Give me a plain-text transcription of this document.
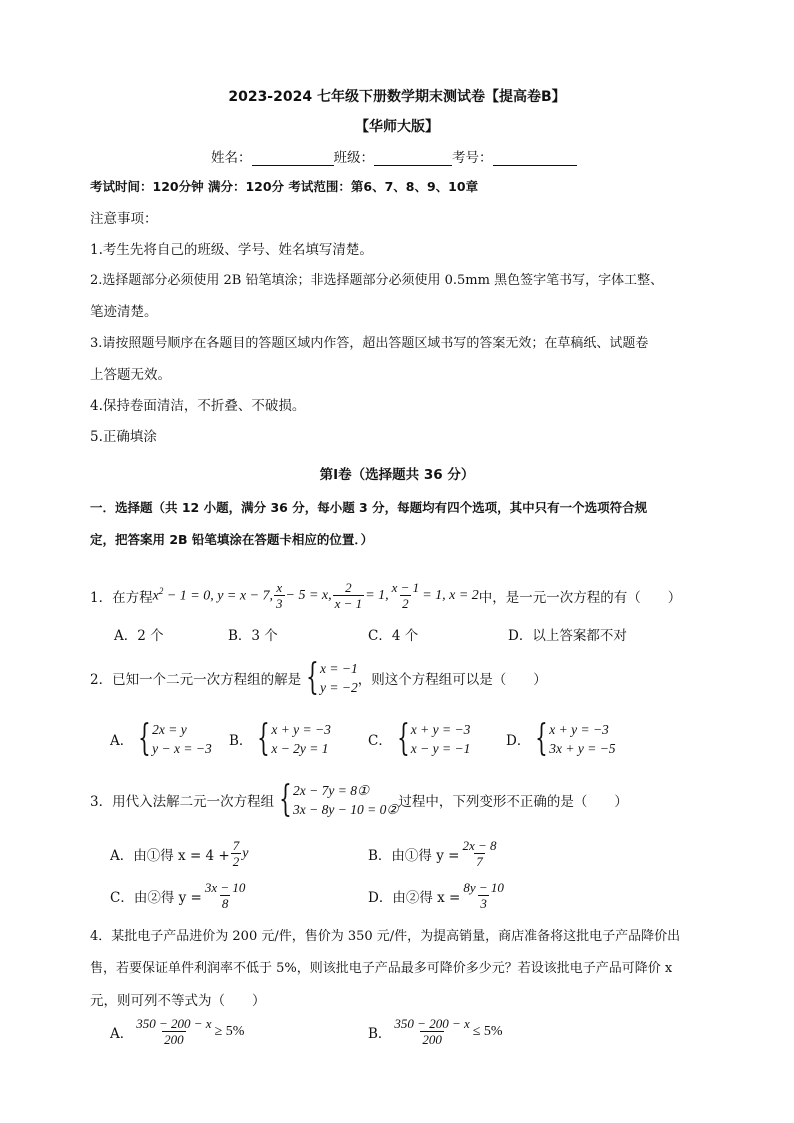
2023-2024 七年级下册数学期末测试卷【提高卷B】
【华师大版】
姓名：	班级：	考号：
考试时间：120分钟 满分：120分 考试范围：第6、7、8、9、10章
注意事项：
1.考生先将自己的班级、学号、姓名填写清楚。
2.选择题部分必须使用 2B 铅笔填涂；非选择题部分必须使用 0.5mm 黑色签字笔书写，字体工整、
笔迹清楚。
3.请按照题号顺序在各题目的答题区域内作答，超出答题区域书写的答案无效；在草稿纸、试题卷
上答题无效。
4.保持卷面清洁，不折叠、不破损。
5.正确填涂
第Ⅰ卷（选择题共 36 分）
一．选择题（共 12 小题，满分 36 分，每小题 3 分，每题均有四个选项，其中只有一个选项符合规
定，把答案用 2B 铅笔填涂在答题卡相应的位置．）
1．在方程 $x^2 - 1 = 0$, y = x − 7, $\frac{x}{3} - 5 = x$, $\frac{2}{x - 1} = 1$, $\frac{x - 1}{2} = 1$, x = 2 中，是一元一次方程的有（　　）
A．2 个	B．3 个	C．4 个	D．以上答案都不对
2．已知一个二元一次方程组的解是 { x = −1
y = −2 ，则这个方程组可以是（　　）
A． { 2x = y
y − x = −3 B． { x + y = −3
x − 2y = 1	C． { x + y = −3
x − y = −1	D． { x + y = −3
3x + y = −5
3．用代入法解二元一次方程组 { 2x − 7y = 8①
3x − 8y − 10 = 0② 过程中，下列变形不正确的是（　　）
A．由①得 $x = 4 + \frac{7}{2}$ y	B．由①得 $y = \frac{2x - 8}{7}$
C．由②得 $y = \frac{3x - 10}{8}$	D．由②得 $x = \frac{8y - 10}{3}$
4．某批电子产品进价为 200 元/件，售价为 350 元/件，为提高销量，商店准备将这批电子产品降价出
售，若要保证单件利润率不低于 5%，则该批电子产品最多可降价多少元？若设该批电子产品可降价 x
元，则可列不等式为（　　）
A． $\frac{350 - 200 - x}{200} \ge 5\%$	B． $\frac{350 - 200 - x}{200} \le 5\%$
